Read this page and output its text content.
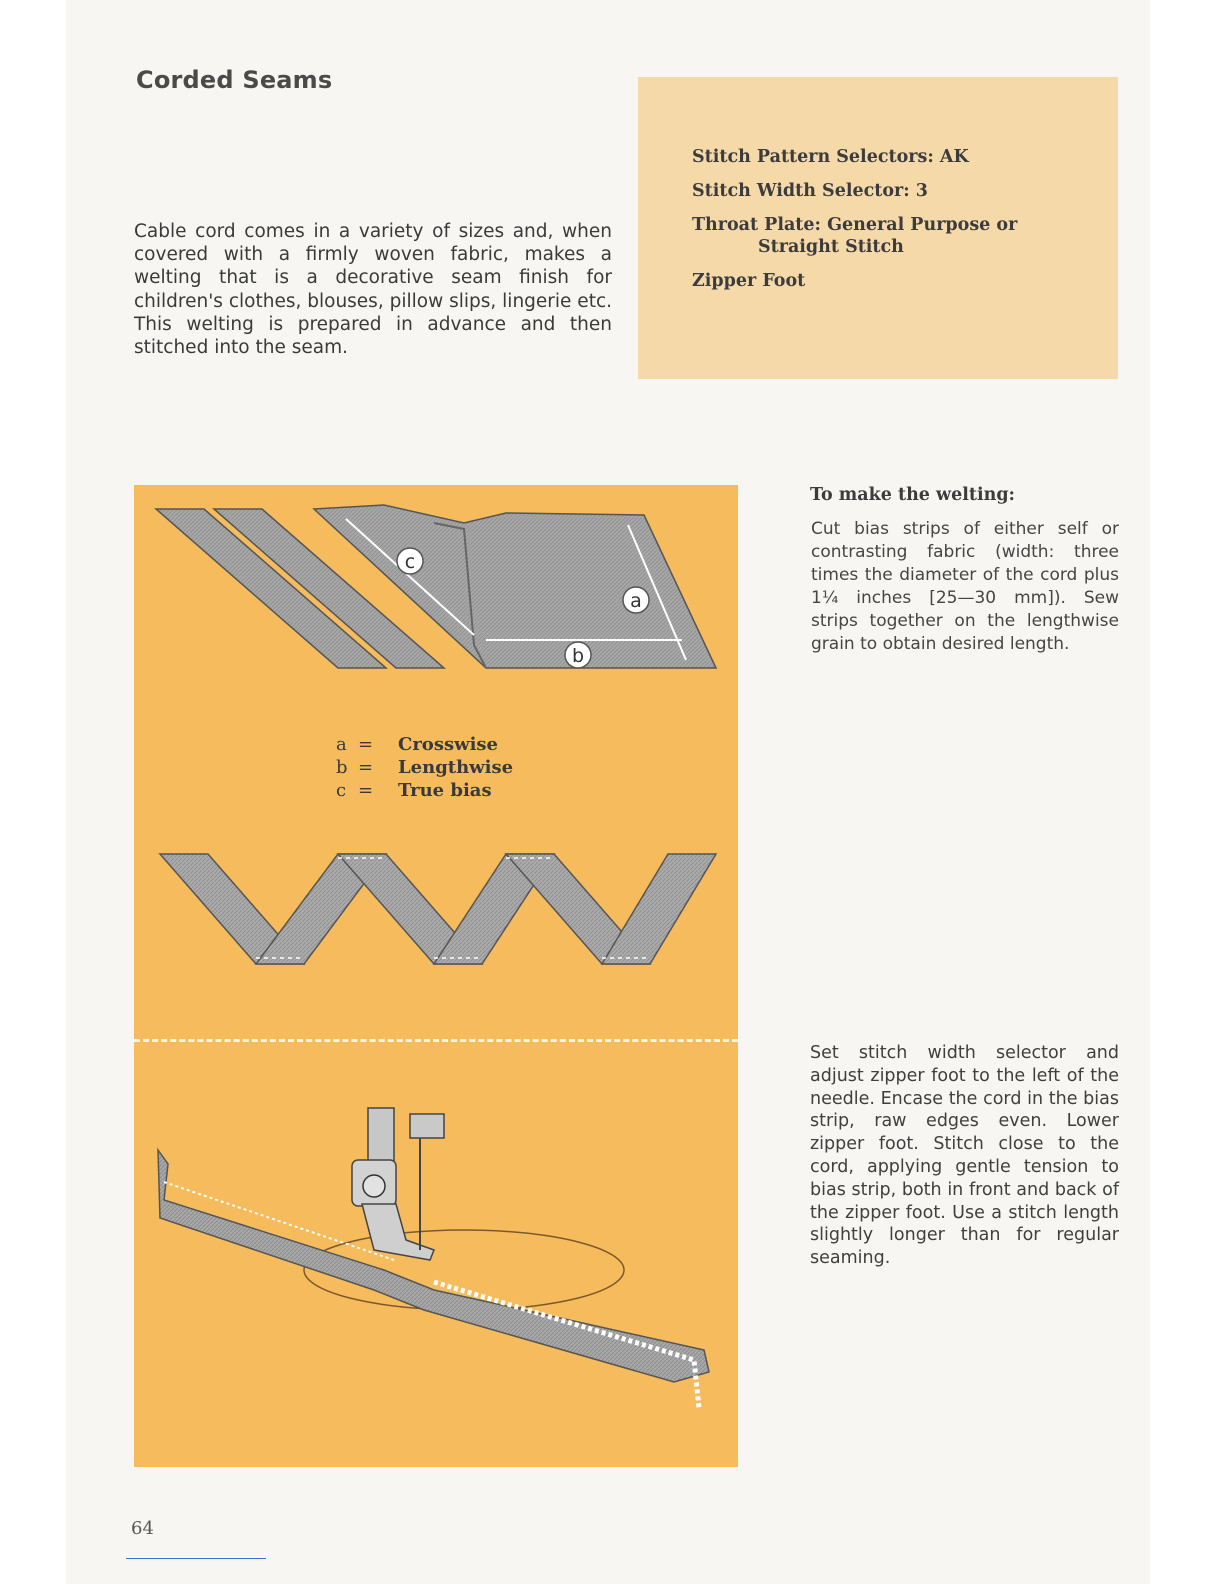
Corded Seams
Cable cord comes in a variety of sizes and, when covered with a firmly woven fabric, makes a welting that is a decorative seam finish for children's clothes, blouses, pillow slips, lingerie etc. This welting is prepared in advance and then stitched into the seam.
Stitch Pattern Selectors: AK
Stitch Width Selector: 3
Throat Plate: General Purpose or
Straight Stitch
Zipper Foot
c
a
b
a =	Crosswise
b =	Lengthwise
c =	True bias
To make the welting:
Cut bias strips of either self or contrasting fabric (width: three times the diameter of the cord plus 1¼ inches [25—30 mm]). Sew strips together on the lengthwise grain to obtain desired length.
Set stitch width selector and adjust zipper foot to the left of the needle. Encase the cord in the bias strip, raw edges even. Lower zipper foot. Stitch close to the cord, applying gentle tension to bias strip, both in front and back of the zipper foot. Use a stitch length slightly longer than for regular seaming.
64
